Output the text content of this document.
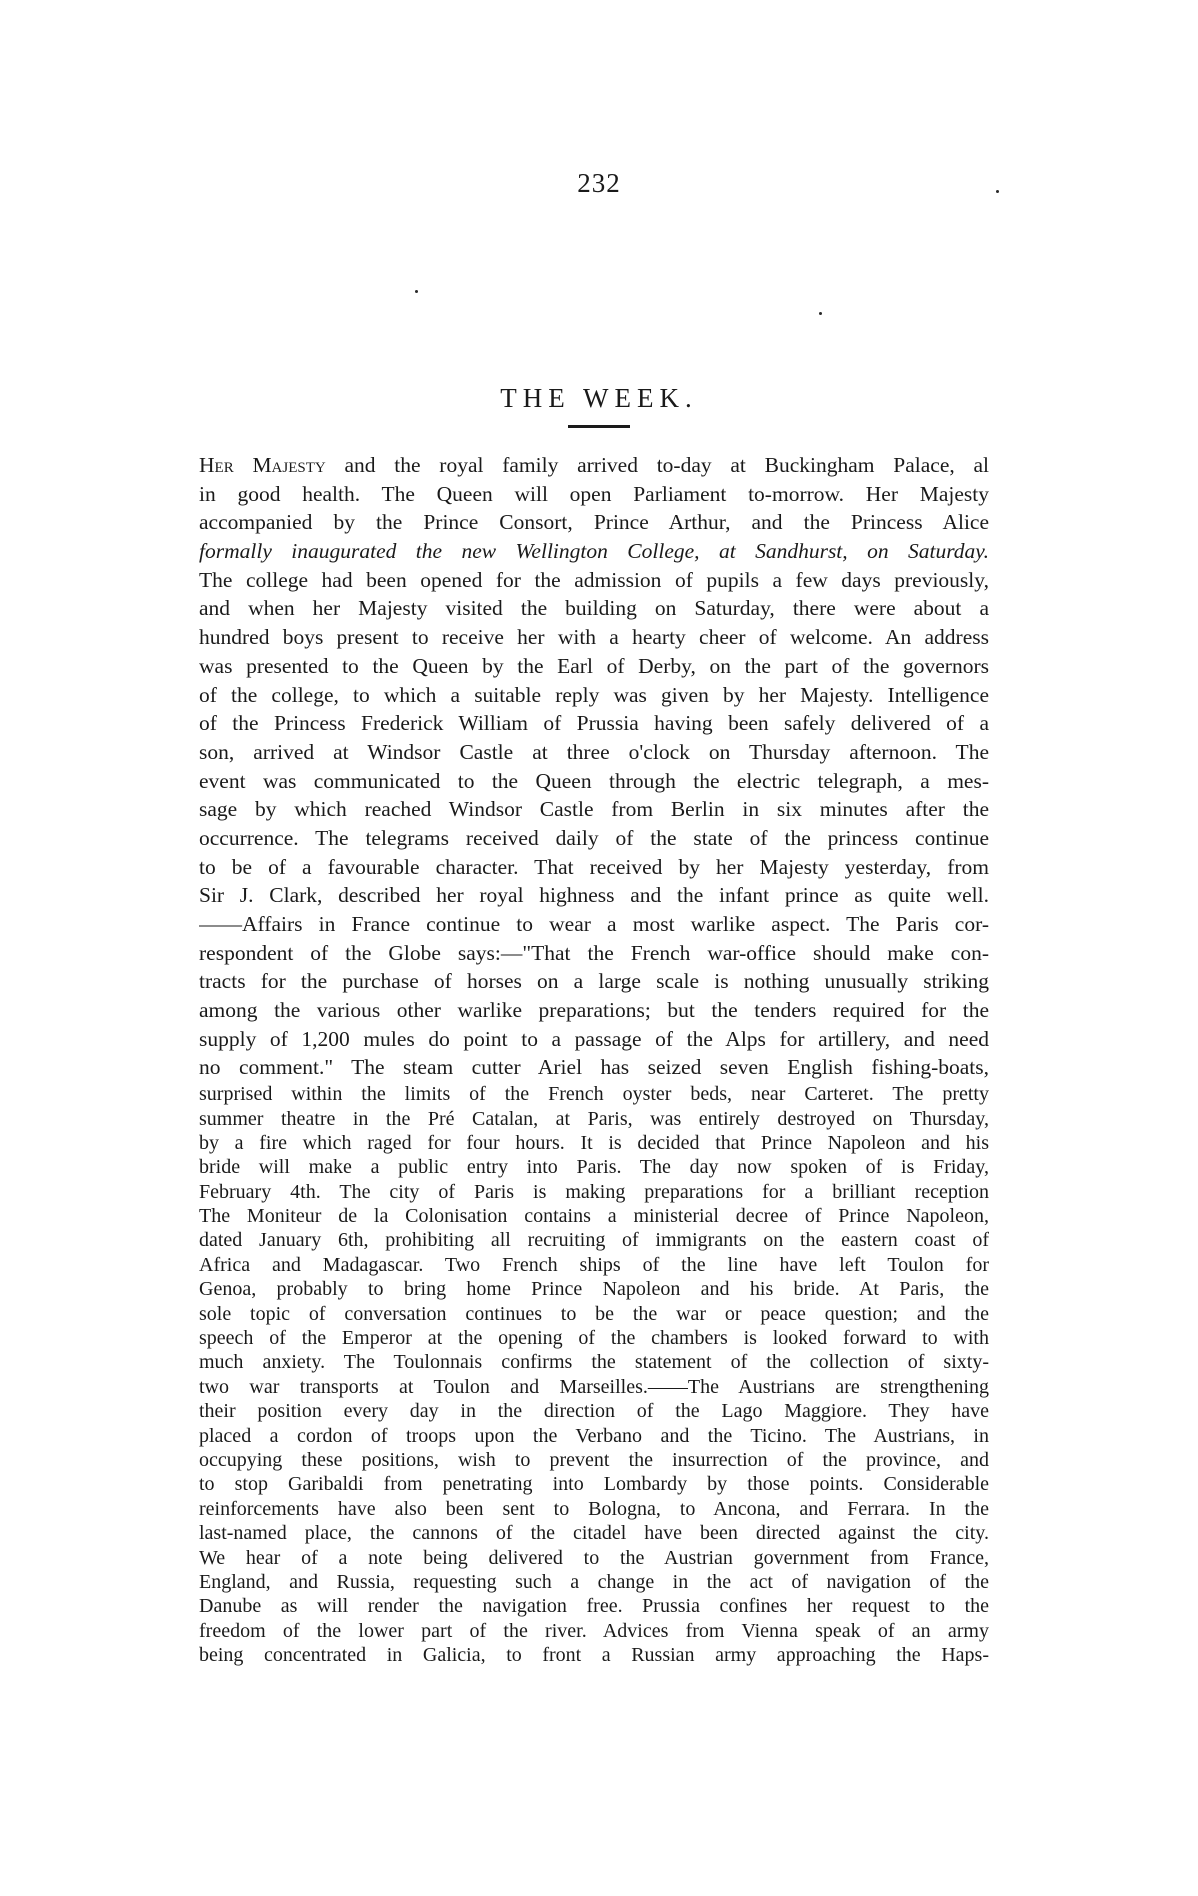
232
THE WEEK.
Her Majesty and the royal family arrived to-day at Buckingham Palace, al
in good health. The Queen will open Parliament to-morrow. Her Majesty
accompanied by the Prince Consort, Prince Arthur, and the Princess Alice
formally inaugurated the new Wellington College, at Sandhurst, on Saturday.
The college had been opened for the admission of pupils a few days previously,
and when her Majesty visited the building on Saturday, there were about a
hundred boys present to receive her with a hearty cheer of welcome. An address
was presented to the Queen by the Earl of Derby, on the part of the governors
of the college, to which a suitable reply was given by her Majesty. Intelligence
of the Princess Frederick William of Prussia having been safely delivered of a
son, arrived at Windsor Castle at three o'clock on Thursday afternoon. The
event was communicated to the Queen through the electric telegraph, a mes-
sage by which reached Windsor Castle from Berlin in six minutes after the
occurrence. The telegrams received daily of the state of the princess continue
to be of a favourable character. That received by her Majesty yesterday, from
Sir J. Clark, described her royal highness and the infant prince as quite well.
——Affairs in France continue to wear a most warlike aspect. The Paris cor-
respondent of the Globe says:—"That the French war-office should make con-
tracts for the purchase of horses on a large scale is nothing unusually striking
among the various other warlike preparations; but the tenders required for the
supply of 1,200 mules do point to a passage of the Alps for artillery, and need
no comment." The steam cutter Ariel has seized seven English fishing-boats,
surprised within the limits of the French oyster beds, near Carteret. The pretty
summer theatre in the Pré Catalan, at Paris, was entirely destroyed on Thursday,
by a fire which raged for four hours. It is decided that Prince Napoleon and his
bride will make a public entry into Paris. The day now spoken of is Friday,
February 4th. The city of Paris is making preparations for a brilliant reception
The Moniteur de la Colonisation contains a ministerial decree of Prince Napoleon,
dated January 6th, prohibiting all recruiting of immigrants on the eastern coast of
Africa and Madagascar. Two French ships of the line have left Toulon for
Genoa, probably to bring home Prince Napoleon and his bride. At Paris, the
sole topic of conversation continues to be the war or peace question; and the
speech of the Emperor at the opening of the chambers is looked forward to with
much anxiety. The Toulonnais confirms the statement of the collection of sixty-
two war transports at Toulon and Marseilles.——The Austrians are strengthening
their position every day in the direction of the Lago Maggiore. They have
placed a cordon of troops upon the Verbano and the Ticino. The Austrians, in
occupying these positions, wish to prevent the insurrection of the province, and
to stop Garibaldi from penetrating into Lombardy by those points. Considerable
reinforcements have also been sent to Bologna, to Ancona, and Ferrara. In the
last-named place, the cannons of the citadel have been directed against the city.
We hear of a note being delivered to the Austrian government from France,
England, and Russia, requesting such a change in the act of navigation of the
Danube as will render the navigation free. Prussia confines her request to the
freedom of the lower part of the river. Advices from Vienna speak of an army
being concentrated in Galicia, to front a Russian army approaching the Haps-
